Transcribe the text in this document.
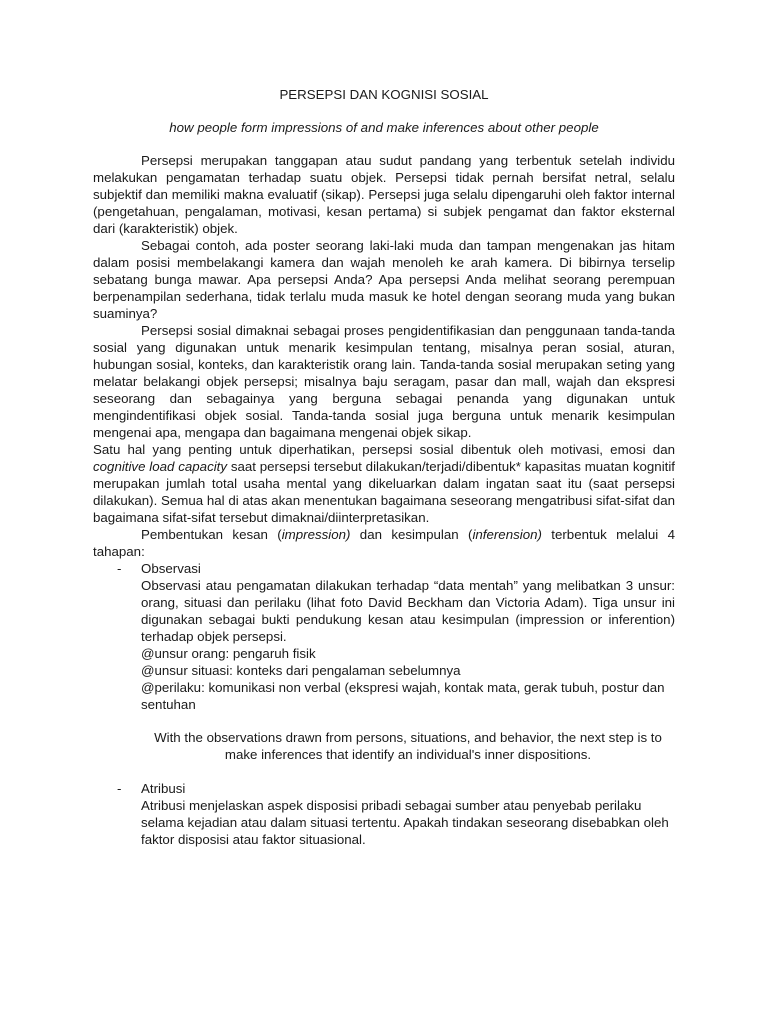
PERSEPSI DAN KOGNISI SOSIAL
how people form impressions of and make inferences about other people

Persepsi merupakan tanggapan atau sudut pandang yang terbentuk setelah individu melakukan pengamatan terhadap suatu objek. Persepsi tidak pernah bersifat netral, selalu subjektif dan memiliki makna evaluatif (sikap). Persepsi juga selalu dipengaruhi oleh faktor internal (pengetahuan, pengalaman, motivasi, kesan pertama) si subjek pengamat dan faktor eksternal dari (karakteristik) objek.

Sebagai contoh, ada poster seorang laki-laki muda dan tampan mengenakan jas hitam dalam posisi membelakangi kamera dan wajah menoleh ke arah kamera. Di bibirnya terselip sebatang bunga mawar. Apa persepsi Anda? Apa persepsi Anda melihat seorang perempuan berpenampilan sederhana, tidak terlalu muda masuk ke hotel dengan seorang muda yang bukan suaminya?

Persepsi sosial dimaknai sebagai proses pengidentifikasian dan penggunaan tanda-tanda sosial yang digunakan untuk menarik kesimpulan tentang, misalnya peran sosial, aturan, hubungan sosial, konteks, dan karakteristik orang lain. Tanda-tanda sosial merupakan seting yang melatar belakangi objek persepsi; misalnya baju seragam, pasar dan mall, wajah dan ekspresi seseorang dan sebagainya yang berguna sebagai penanda yang digunakan untuk mengindentifikasi objek sosial. Tanda-tanda sosial juga berguna untuk menarik kesimpulan mengenai apa, mengapa dan bagaimana mengenai objek sikap.

Satu hal yang penting untuk diperhatikan, persepsi sosial dibentuk oleh motivasi, emosi dan cognitive load capacity saat persepsi tersebut dilakukan/terjadi/dibentuk* kapasitas muatan kognitif merupakan jumlah total usaha mental yang dikeluarkan dalam ingatan saat itu (saat persepsi dilakukan). Semua hal di atas akan menentukan bagaimana seseorang mengatribusi sifat-sifat dan bagaimana sifat-sifat tersebut dimaknai/diinterpretasikan.

Pembentukan kesan (impression) dan kesimpulan (inferension) terbentuk melalui 4 tahapan:

- Observasi

Observasi atau pengamatan dilakukan terhadap “data mentah” yang melibatkan 3 unsur: orang, situasi dan perilaku (lihat foto David Beckham dan Victoria Adam). Tiga unsur ini digunakan sebagai bukti pendukung kesan atau kesimpulan (impression or inferention) terhadap objek persepsi.

@unsur orang: pengaruh fisik

@unsur situasi: konteks dari pengalaman sebelumnya

@perilaku: komunikasi non verbal (ekspresi wajah, kontak mata, gerak tubuh, postur dan sentuhan

With the observations drawn from persons, situations, and behavior, the next step is to make inferences that identify an individual's inner dispositions.
- Atribusi

Atribusi menjelaskan aspek disposisi pribadi sebagai sumber atau penyebab perilaku selama kejadian atau dalam situasi tertentu. Apakah tindakan seseorang disebabkan oleh faktor disposisi atau faktor situasional.
